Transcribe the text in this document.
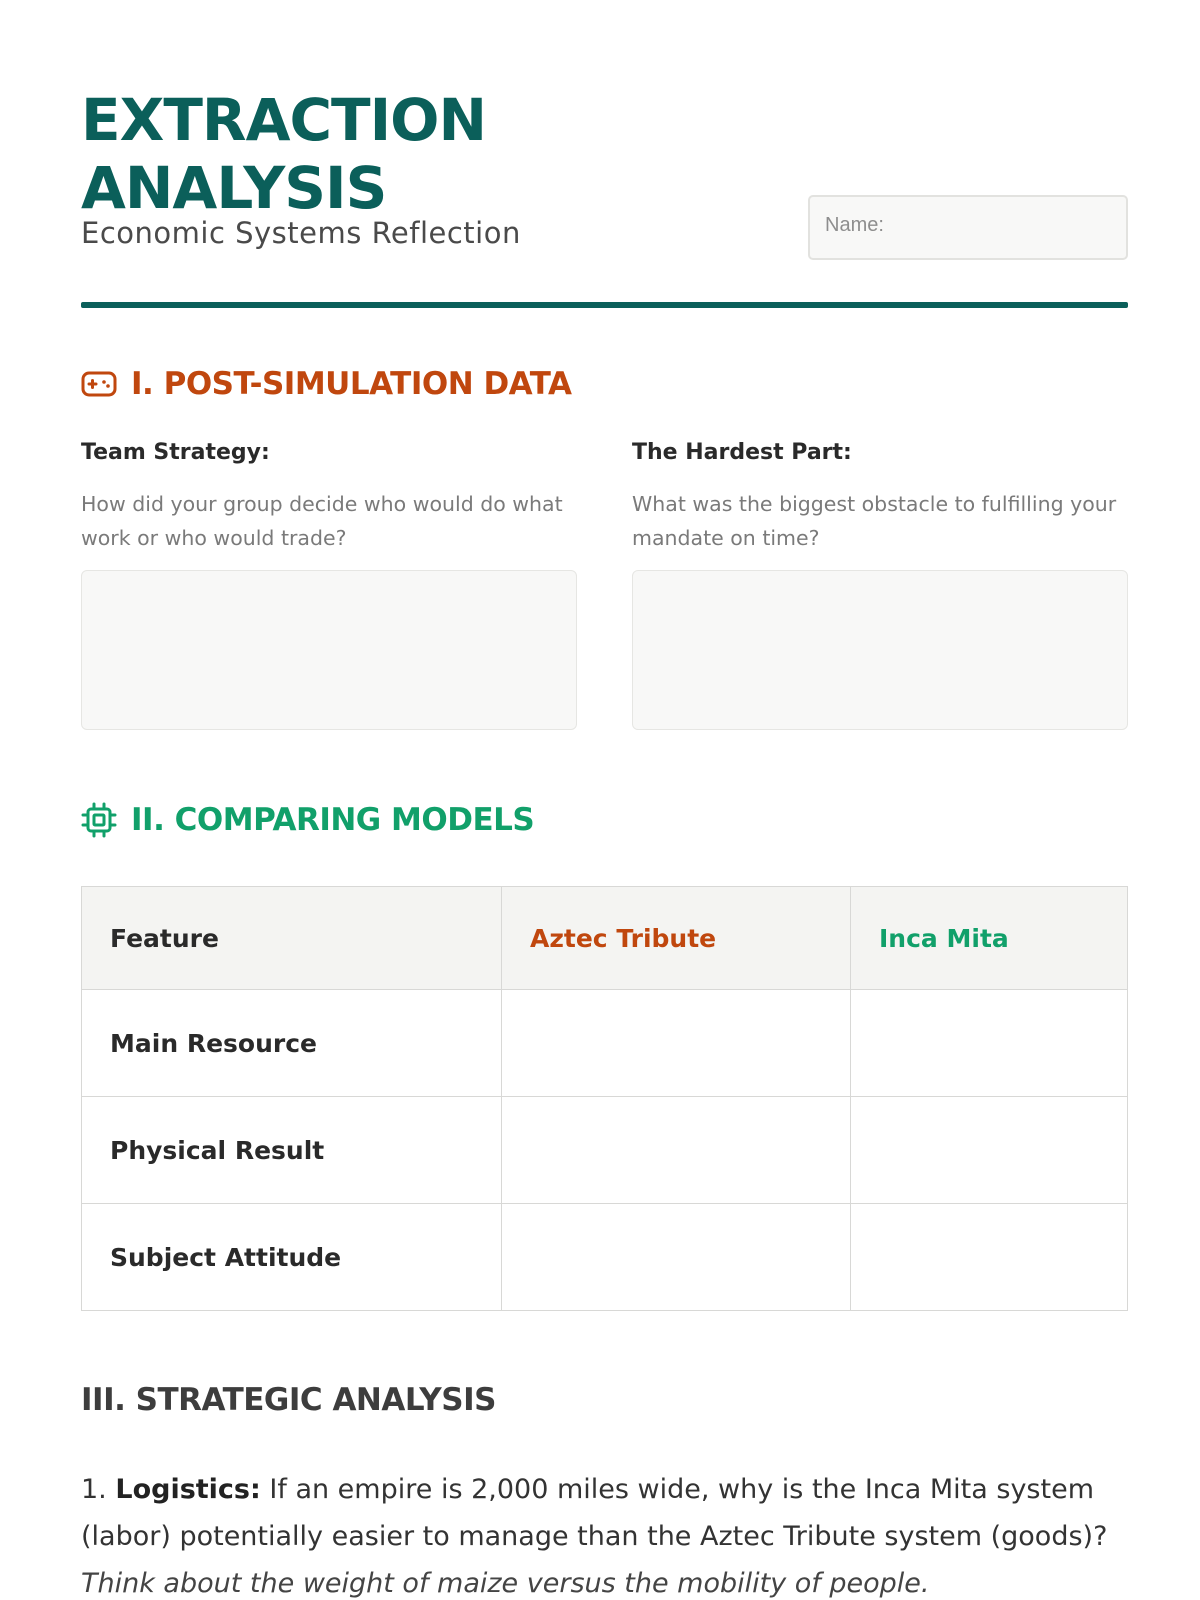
EXTRACTION
ANALYSIS
Economic Systems Reflection	Name:
I. POST-SIMULATION DATA
Team Strategy:
How did your group decide who would do what work or who would trade?
The Hardest Part:
What was the biggest obstacle to fulfilling your mandate on time?
II. COMPARING MODELS
Feature	Aztec Tribute	Inca Mita
Main Resource		
Physical Result		
Subject Attitude		
III. STRATEGIC ANALYSIS

1. Logistics: If an empire is 2,000 miles wide, why is the Inca Mita system (labor) potentially easier to manage than the Aztec Tribute system (goods)? Think about the weight of maize versus the mobility of people.
